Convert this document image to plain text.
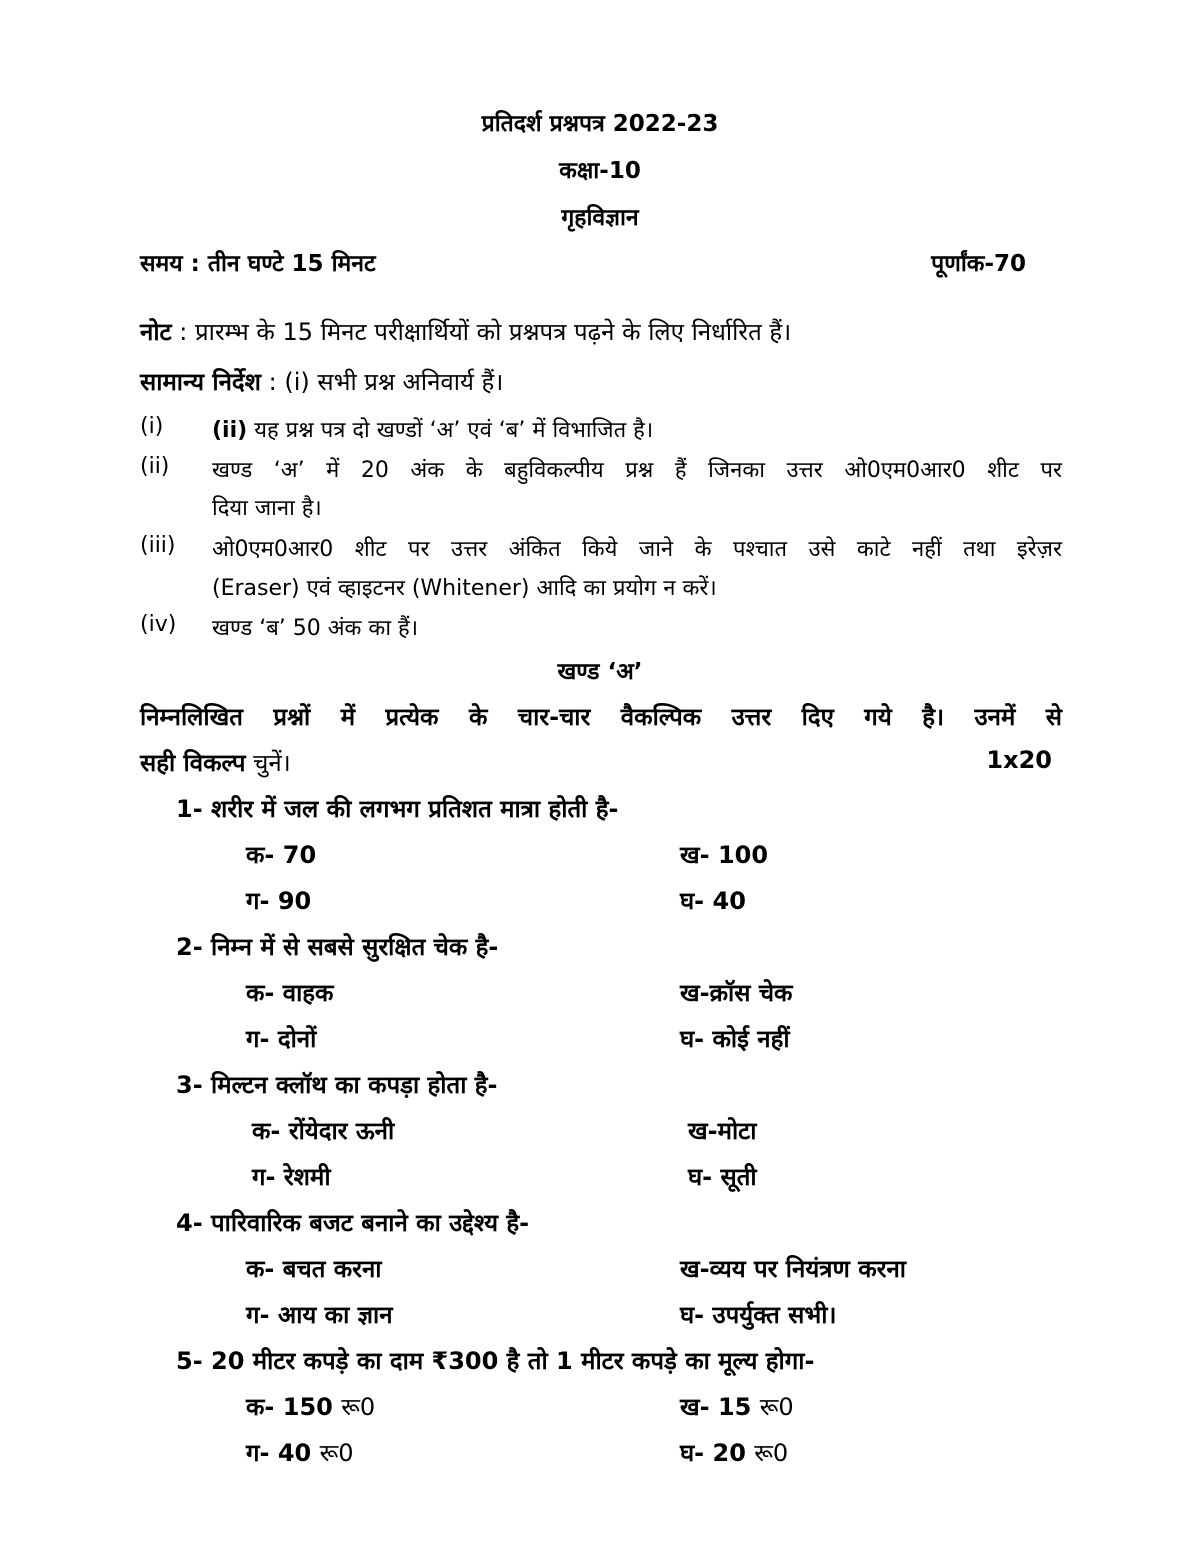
प्रतिदर्श प्रश्नपत्र 2022-23
कक्षा-10
गृहविज्ञान
समय : तीन घण्टे 15 मिनट	पूर्णांक-70
नोट : प्रारम्भ के 15 मिनट परीक्षार्थियों को प्रश्नपत्र पढ़ने के लिए निर्धारित हैं।
सामान्य निर्देश : (i) सभी प्रश्न अनिवार्य हैं।
(i) (ii) यह प्रश्न पत्र दो खण्डों ‘अ’ एवं ‘ब’ में विभाजित है।
(ii) खण्ड ‘अ’ में 20 अंक के बहुविकल्पीय प्रश्न हैं जिनका उत्तर ओ0एम0आर0 शीट पर
दिया जाना है।
(iii) ओ0एम0आर0 शीट पर उत्तर अंकित किये जाने के पश्चात उसे काटे नहीं तथा इरेज़र
(Eraser) एवं व्हाइटनर (Whitener) आदि का प्रयोग न करें।
(iv) खण्ड ‘ब’ 50 अंक का हैं।
खण्ड ‘अ’
निम्नलिखित प्रश्नों में प्रत्येक के चार-चार वैकल्पिक उत्तर दिए गये है। उनमें से
सही विकल्प चुनें।	1x20
1- शरीर में जल की लगभग प्रतिशत मात्रा होती है-
क- 70	ख- 100
ग- 90	घ- 40
2- निम्न में से सबसे सुरक्षित चेक है-
क- वाहक	ख-क्रॉस चेक
ग- दोनों	घ- कोई नहीं
3- मिल्टन क्लॉथ का कपड़ा होता है-
क- रोंयेदार ऊनी	ख-मोटा
ग- रेशमी	घ- सूती
4- पारिवारिक बजट बनाने का उद्देश्य है-
क- बचत करना	ख-व्यय पर नियंत्रण करना
ग- आय का ज्ञान	घ- उपर्युक्त सभी।
5- 20 मीटर कपड़े का दाम ₹300 है तो 1 मीटर कपड़े का मूल्य होगा-
क- 150 रू0	ख- 15 रू0
ग- 40 रू0	घ- 20 रू0
